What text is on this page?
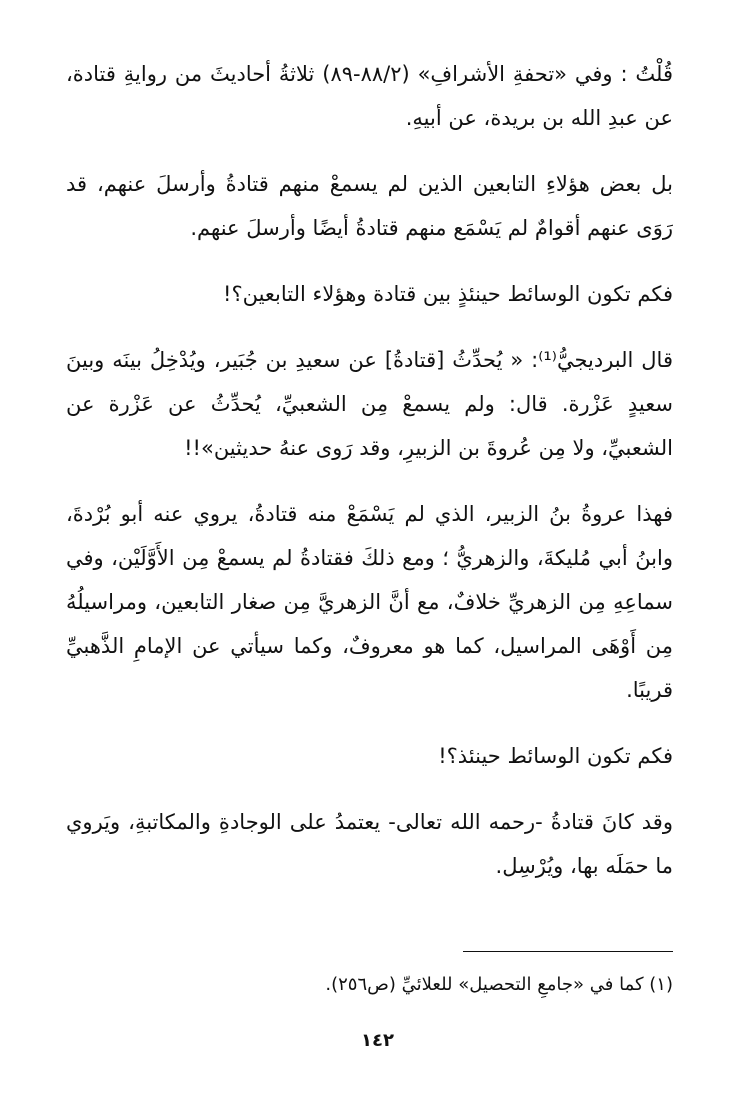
قُلْتُ : وفي «تحفةِ الأشرافِ» (٨٨/٢-٨٩) ثلاثةُ أحاديثَ من روايةِ قتادة، عن عبدِ الله بن بريدة، عن أبيهِ.

بل بعض هؤلاءِ التابعين الذين لم يسمعْ منهم قتادةُ وأرسلَ عنهم، قد رَوَى عنهم أقوامٌ لم يَسْمَع منهم قتادةُ أيضًا وأرسلَ عنهم.

فكم تكون الوسائط حينئذٍ بين قتادة وهؤلاء التابعين؟!

قال البرديجيُّ⁽¹⁾: « يُحدِّثُ [قتادةُ] عن سعيدِ بن جُبَير، ويُدْخِلُ بينَه وبينَ سعيدٍ عَزْرة. قال: ولم يسمعْ مِن الشعبيِّ، يُحدِّثُ عن عَزْرة عن الشعبيِّ، ولا مِن عُروةَ بن الزبيرِ، وقد رَوى عنهُ حديثين»!!

فهذا عروةُ بنُ الزبير، الذي لم يَسْمَعْ منه قتادةُ، يروي عنه أبو بُرْدةَ، وابنُ أبي مُليكةَ، والزهريُّ ؛ ومع ذلكَ فقتادةُ لم يسمعْ مِن الأَوَّلَيْن، وفي سماعِهِ مِن الزهريِّ خلافٌ، مع أنَّ الزهريَّ مِن صغار التابعين، ومراسيلُهُ مِن أَوْهَى المراسيل، كما هو معروفٌ، وكما سيأتي عن الإمامِ الذَّهبيِّ قريبًا.

فكم تكون الوسائط حينئذ؟!

وقد كانَ قتادةُ -رحمه الله تعالى- يعتمدُ على الوجادةِ والمكاتبةِ، ويَروي ما حمَلَه بها، ويُرْسِل.

(١) كما في «جامعِ التحصيل» للعلائيِّ (ص٢٥٦).
١٤٢
